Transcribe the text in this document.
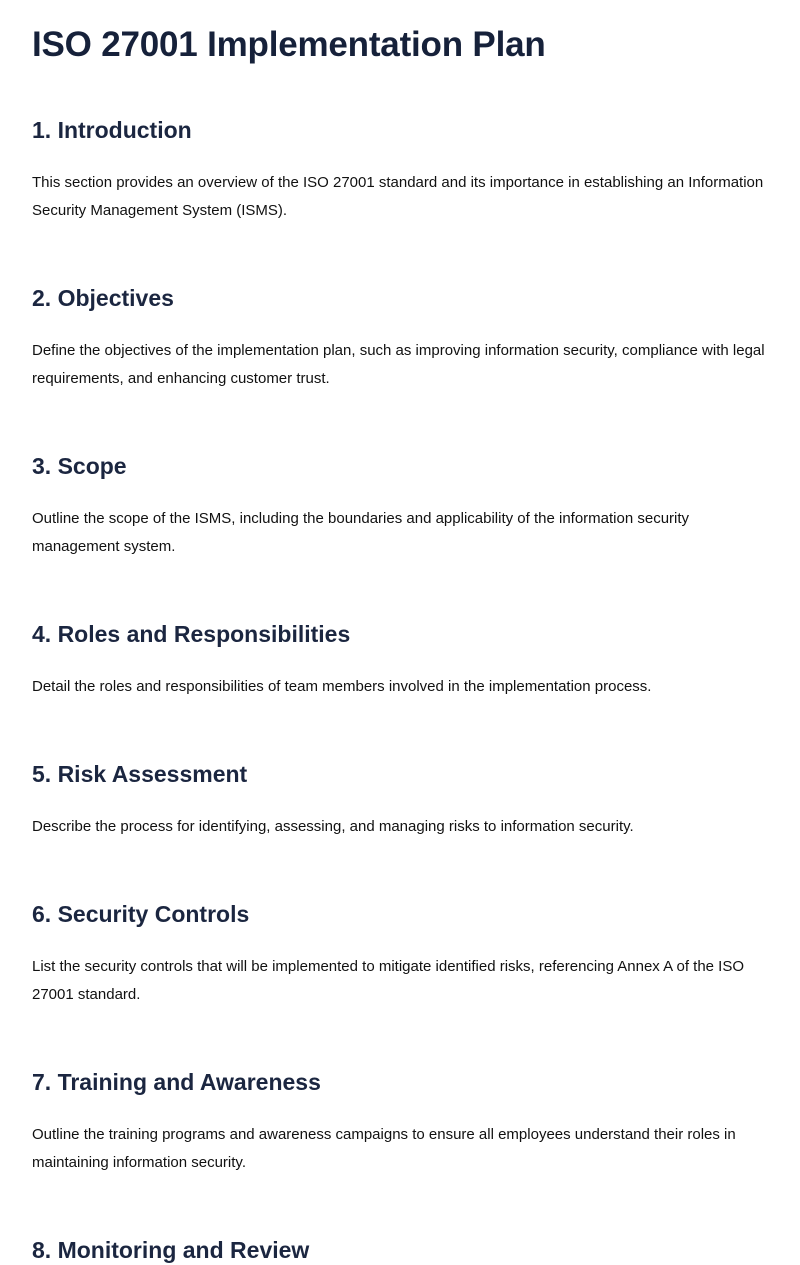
ISO 27001 Implementation Plan
1. Introduction

This section provides an overview of the ISO 27001 standard and its importance in establishing an Information Security Management System (ISMS).

2. Objectives

Define the objectives of the implementation plan, such as improving information security, compliance with legal requirements, and enhancing customer trust.

3. Scope

Outline the scope of the ISMS, including the boundaries and applicability of the information security management system.

4. Roles and Responsibilities

Detail the roles and responsibilities of team members involved in the implementation process.

5. Risk Assessment

Describe the process for identifying, assessing, and managing risks to information security.

6. Security Controls

List the security controls that will be implemented to mitigate identified risks, referencing Annex A of the ISO 27001 standard.

7. Training and Awareness

Outline the training programs and awareness campaigns to ensure all employees understand their roles in maintaining information security.

8. Monitoring and Review
